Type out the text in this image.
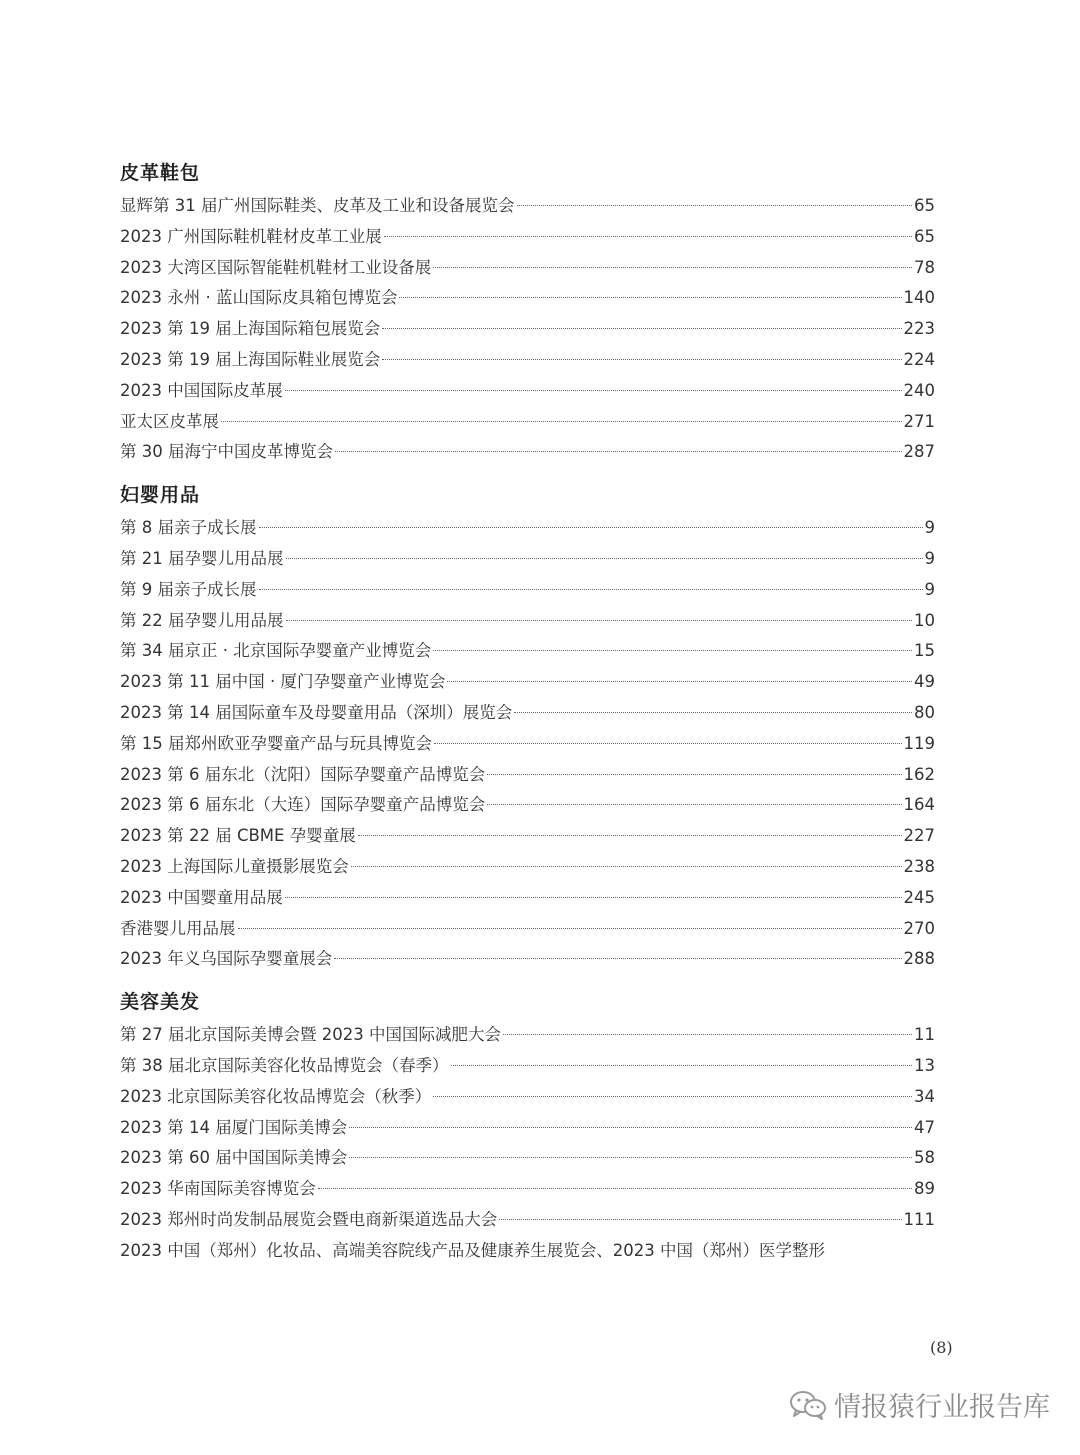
皮革鞋包
显辉第 31 届广州国际鞋类、皮革及工业和设备展览会	65
2023 广州国际鞋机鞋材皮革工业展	65
2023 大湾区国际智能鞋机鞋材工业设备展	78
2023 永州 · 蓝山国际皮具箱包博览会	140
2023 第 19 届上海国际箱包展览会	223
2023 第 19 届上海国际鞋业展览会	224
2023 中国国际皮革展	240
亚太区皮革展	271
第 30 届海宁中国皮革博览会	287
妇婴用品
第 8 届亲子成长展	9
第 21 届孕婴儿用品展	9
第 9 届亲子成长展	9
第 22 届孕婴儿用品展	10
第 34 届京正 · 北京国际孕婴童产业博览会	15
2023 第 11 届中国 · 厦门孕婴童产业博览会	49
2023 第 14 届国际童车及母婴童用品（深圳）展览会	80
第 15 届郑州欧亚孕婴童产品与玩具博览会	119
2023 第 6 届东北（沈阳）国际孕婴童产品博览会	162
2023 第 6 届东北（大连）国际孕婴童产品博览会	164
2023 第 22 届 CBME 孕婴童展	227
2023 上海国际儿童摄影展览会	238
2023 中国婴童用品展	245
香港婴儿用品展	270
2023 年义乌国际孕婴童展会	288
美容美发
第 27 届北京国际美博会暨 2023 中国国际减肥大会	11
第 38 届北京国际美容化妆品博览会（春季）	13
2023 北京国际美容化妆品博览会（秋季）	34
2023 第 14 届厦门国际美博会	47
2023 第 60 届中国国际美博会	58
2023 华南国际美容博览会	89
2023 郑州时尚发制品展览会暨电商新渠道选品大会	111
2023 中国（郑州）化妆品、高端美容院线产品及健康养生展览会、2023 中国（郑州）医学整形
(8)
情报猿行业报告库
